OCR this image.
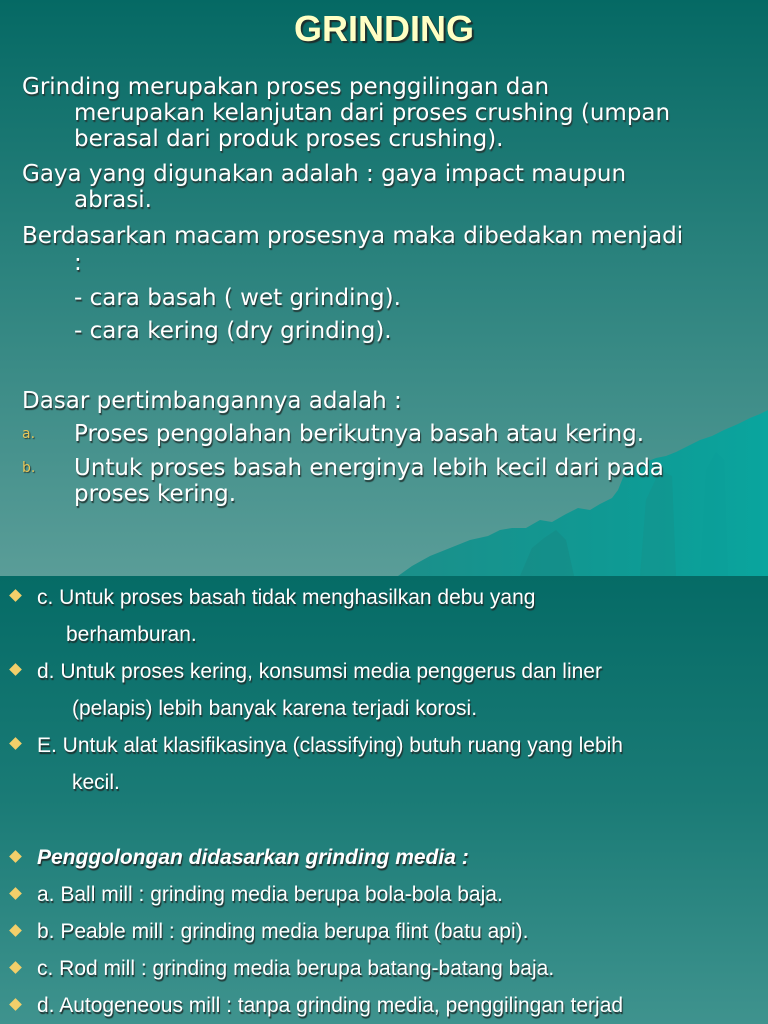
GRINDING
Grinding merupakan proses penggilingan dan
merupakan kelanjutan dari proses crushing (umpan
berasal dari produk proses crushing).
Gaya yang digunakan adalah : gaya impact maupun
abrasi.
Berdasarkan macam prosesnya maka dibedakan menjadi
:
- cara basah ( wet grinding).
- cara kering (dry grinding).
Dasar pertimbangannya adalah :
a. Proses pengolahan berikutnya basah atau kering.
b. Untuk proses basah energinya lebih kecil dari pada
proses kering.
c. Untuk proses basah tidak menghasilkan debu yang
berhamburan.
d. Untuk proses kering, konsumsi media penggerus dan liner
(pelapis) lebih banyak karena terjadi korosi.
E. Untuk alat klasifikasinya (classifying) butuh ruang yang lebih
kecil.
Penggolongan didasarkan grinding media :
a. Ball mill : grinding media berupa bola-bola baja.
b. Peable mill : grinding media berupa flint (batu api).
c. Rod mill : grinding media berupa batang-batang baja.
d. Autogeneous mill : tanpa grinding media, penggilingan terjad
